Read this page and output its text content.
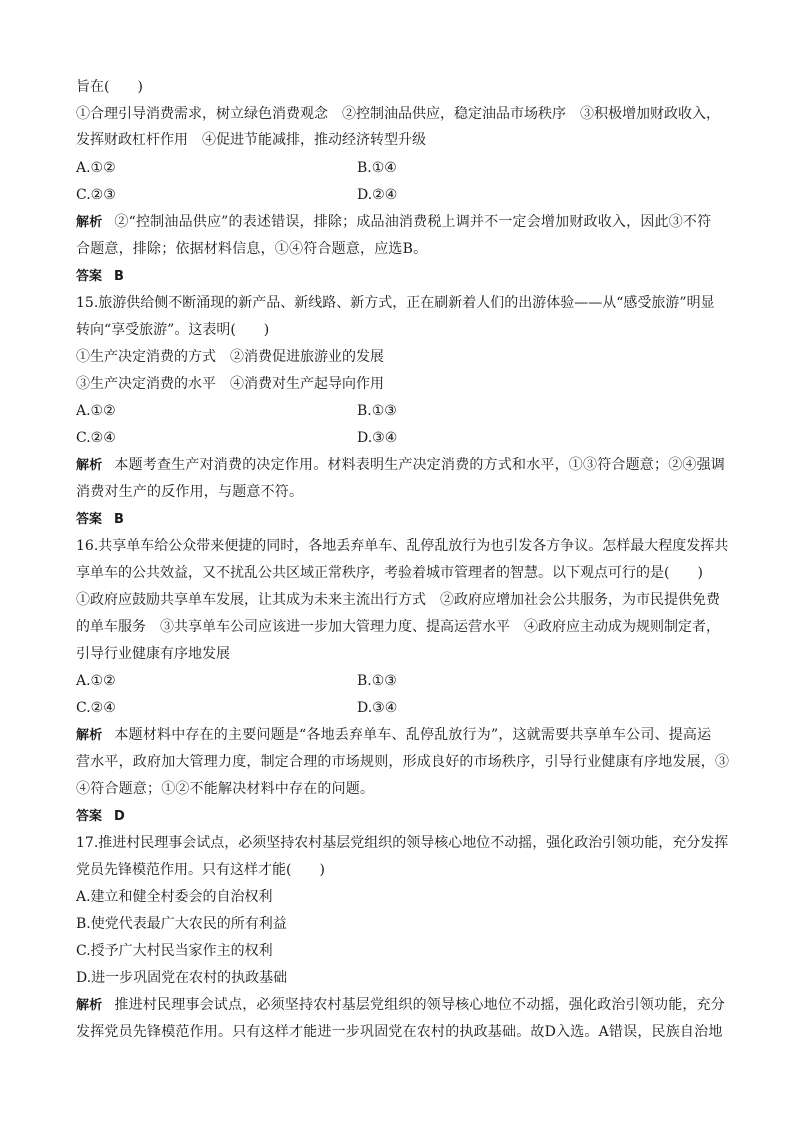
旨在(　　)
①合理引导消费需求，树立绿色消费观念　②控制油品供应，稳定油品市场秩序　③积极增加财政收入，
发挥财政杠杆作用　④促进节能减排，推动经济转型升级
A.①②	B.①④
C.②③	D.②④
解析 ②“控制油品供应”的表述错误，排除；成品油消费税上调并不一定会增加财政收入，因此③不符
合题意，排除；依据材料信息，①④符合题意，应选B。
答案 B
15.旅游供给侧不断涌现的新产品、新线路、新方式，正在刷新着人们的出游体验——从“感受旅游”明显
转向“享受旅游”。这表明(　　)
①生产决定消费的方式　②消费促进旅游业的发展
③生产决定消费的水平　④消费对生产起导向作用
A.①②	B.①③
C.②④	D.③④
解析 本题考查生产对消费的决定作用。材料表明生产决定消费的方式和水平，①③符合题意；②④强调
消费对生产的反作用，与题意不符。
答案 B
16.共享单车给公众带来便捷的同时，各地丢弃单车、乱停乱放行为也引发各方争议。怎样最大程度发挥共
享单车的公共效益，又不扰乱公共区域正常秩序，考验着城市管理者的智慧。以下观点可行的是(　　)
①政府应鼓励共享单车发展，让其成为未来主流出行方式　②政府应增加社会公共服务，为市民提供免费
的单车服务　③共享单车公司应该进一步加大管理力度、提高运营水平　④政府应主动成为规则制定者，
引导行业健康有序地发展
A.①②	B.①③
C.②④	D.③④
解析 本题材料中存在的主要问题是“各地丢弃单车、乱停乱放行为”，这就需要共享单车公司、提高运
营水平，政府加大管理力度，制定合理的市场规则，形成良好的市场秩序，引导行业健康有序地发展，③
④符合题意；①②不能解决材料中存在的问题。
答案 D
17.推进村民理事会试点，必须坚持农村基层党组织的领导核心地位不动摇，强化政治引领功能，充分发挥
党员先锋模范作用。只有这样才能(　　)
A.建立和健全村委会的自治权利
B.使党代表最广大农民的所有利益
C.授予广大村民当家作主的权利
D.进一步巩固党在农村的执政基础
解析 推进村民理事会试点，必须坚持农村基层党组织的领导核心地位不动摇，强化政治引领功能，充分
发挥党员先锋模范作用。只有这样才能进一步巩固党在农村的执政基础。故D入选。A错误，民族自治地
